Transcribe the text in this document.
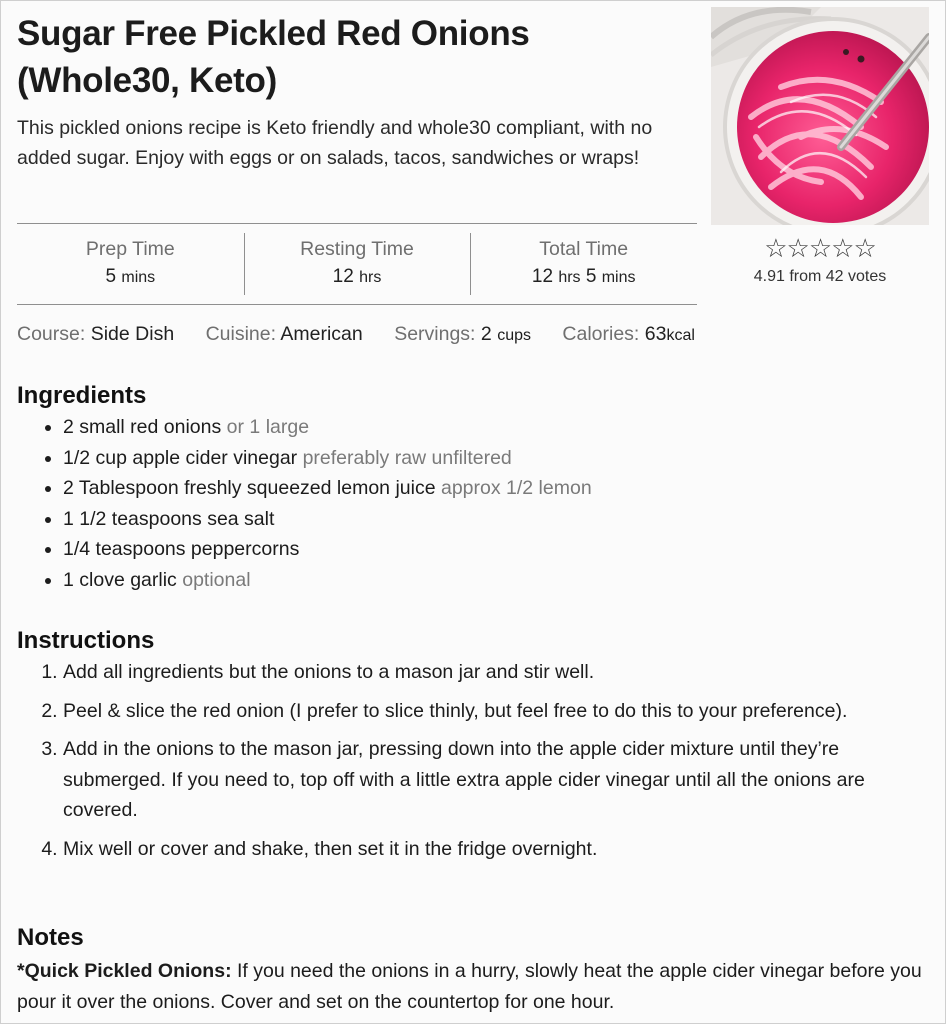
Sugar Free Pickled Red Onions (Whole30, Keto)

This pickled onions recipe is Keto friendly and whole30 compliant, with no added sugar. Enjoy with eggs or on salads, tacos, sandwiches or wraps!

Prep Time
5 mins
Resting Time
12 hrs
Total Time
12 hrs 5 mins
☆☆☆☆☆
4.91 from 42 votes
Course: Side Dish Cuisine: American Servings: 2 cups Calories: 63kcal
Ingredients
• 2 small red onions or 1 large
• 1/2 cup apple cider vinegar preferably raw unfiltered
• 2 Tablespoon freshly squeezed lemon juice approx 1/2 lemon
• 1 1/2 teaspoons sea salt
• 1/4 teaspoons peppercorns
• 1 clove garlic optional
Instructions
1. Add all ingredients but the onions to a mason jar and stir well.
2. Peel & slice the red onion (I prefer to slice thinly, but feel free to do this to your preference).
3. Add in the onions to the mason jar, pressing down into the apple cider mixture until they’re submerged. If you need to, top off with a little extra apple cider vinegar until all the onions are covered.
4. Mix well or cover and shake, then set it in the fridge overnight.
Notes

*Quick Pickled Onions: If you need the onions in a hurry, slowly heat the apple cider vinegar before you pour it over the onions. Cover and set on the countertop for one hour.
